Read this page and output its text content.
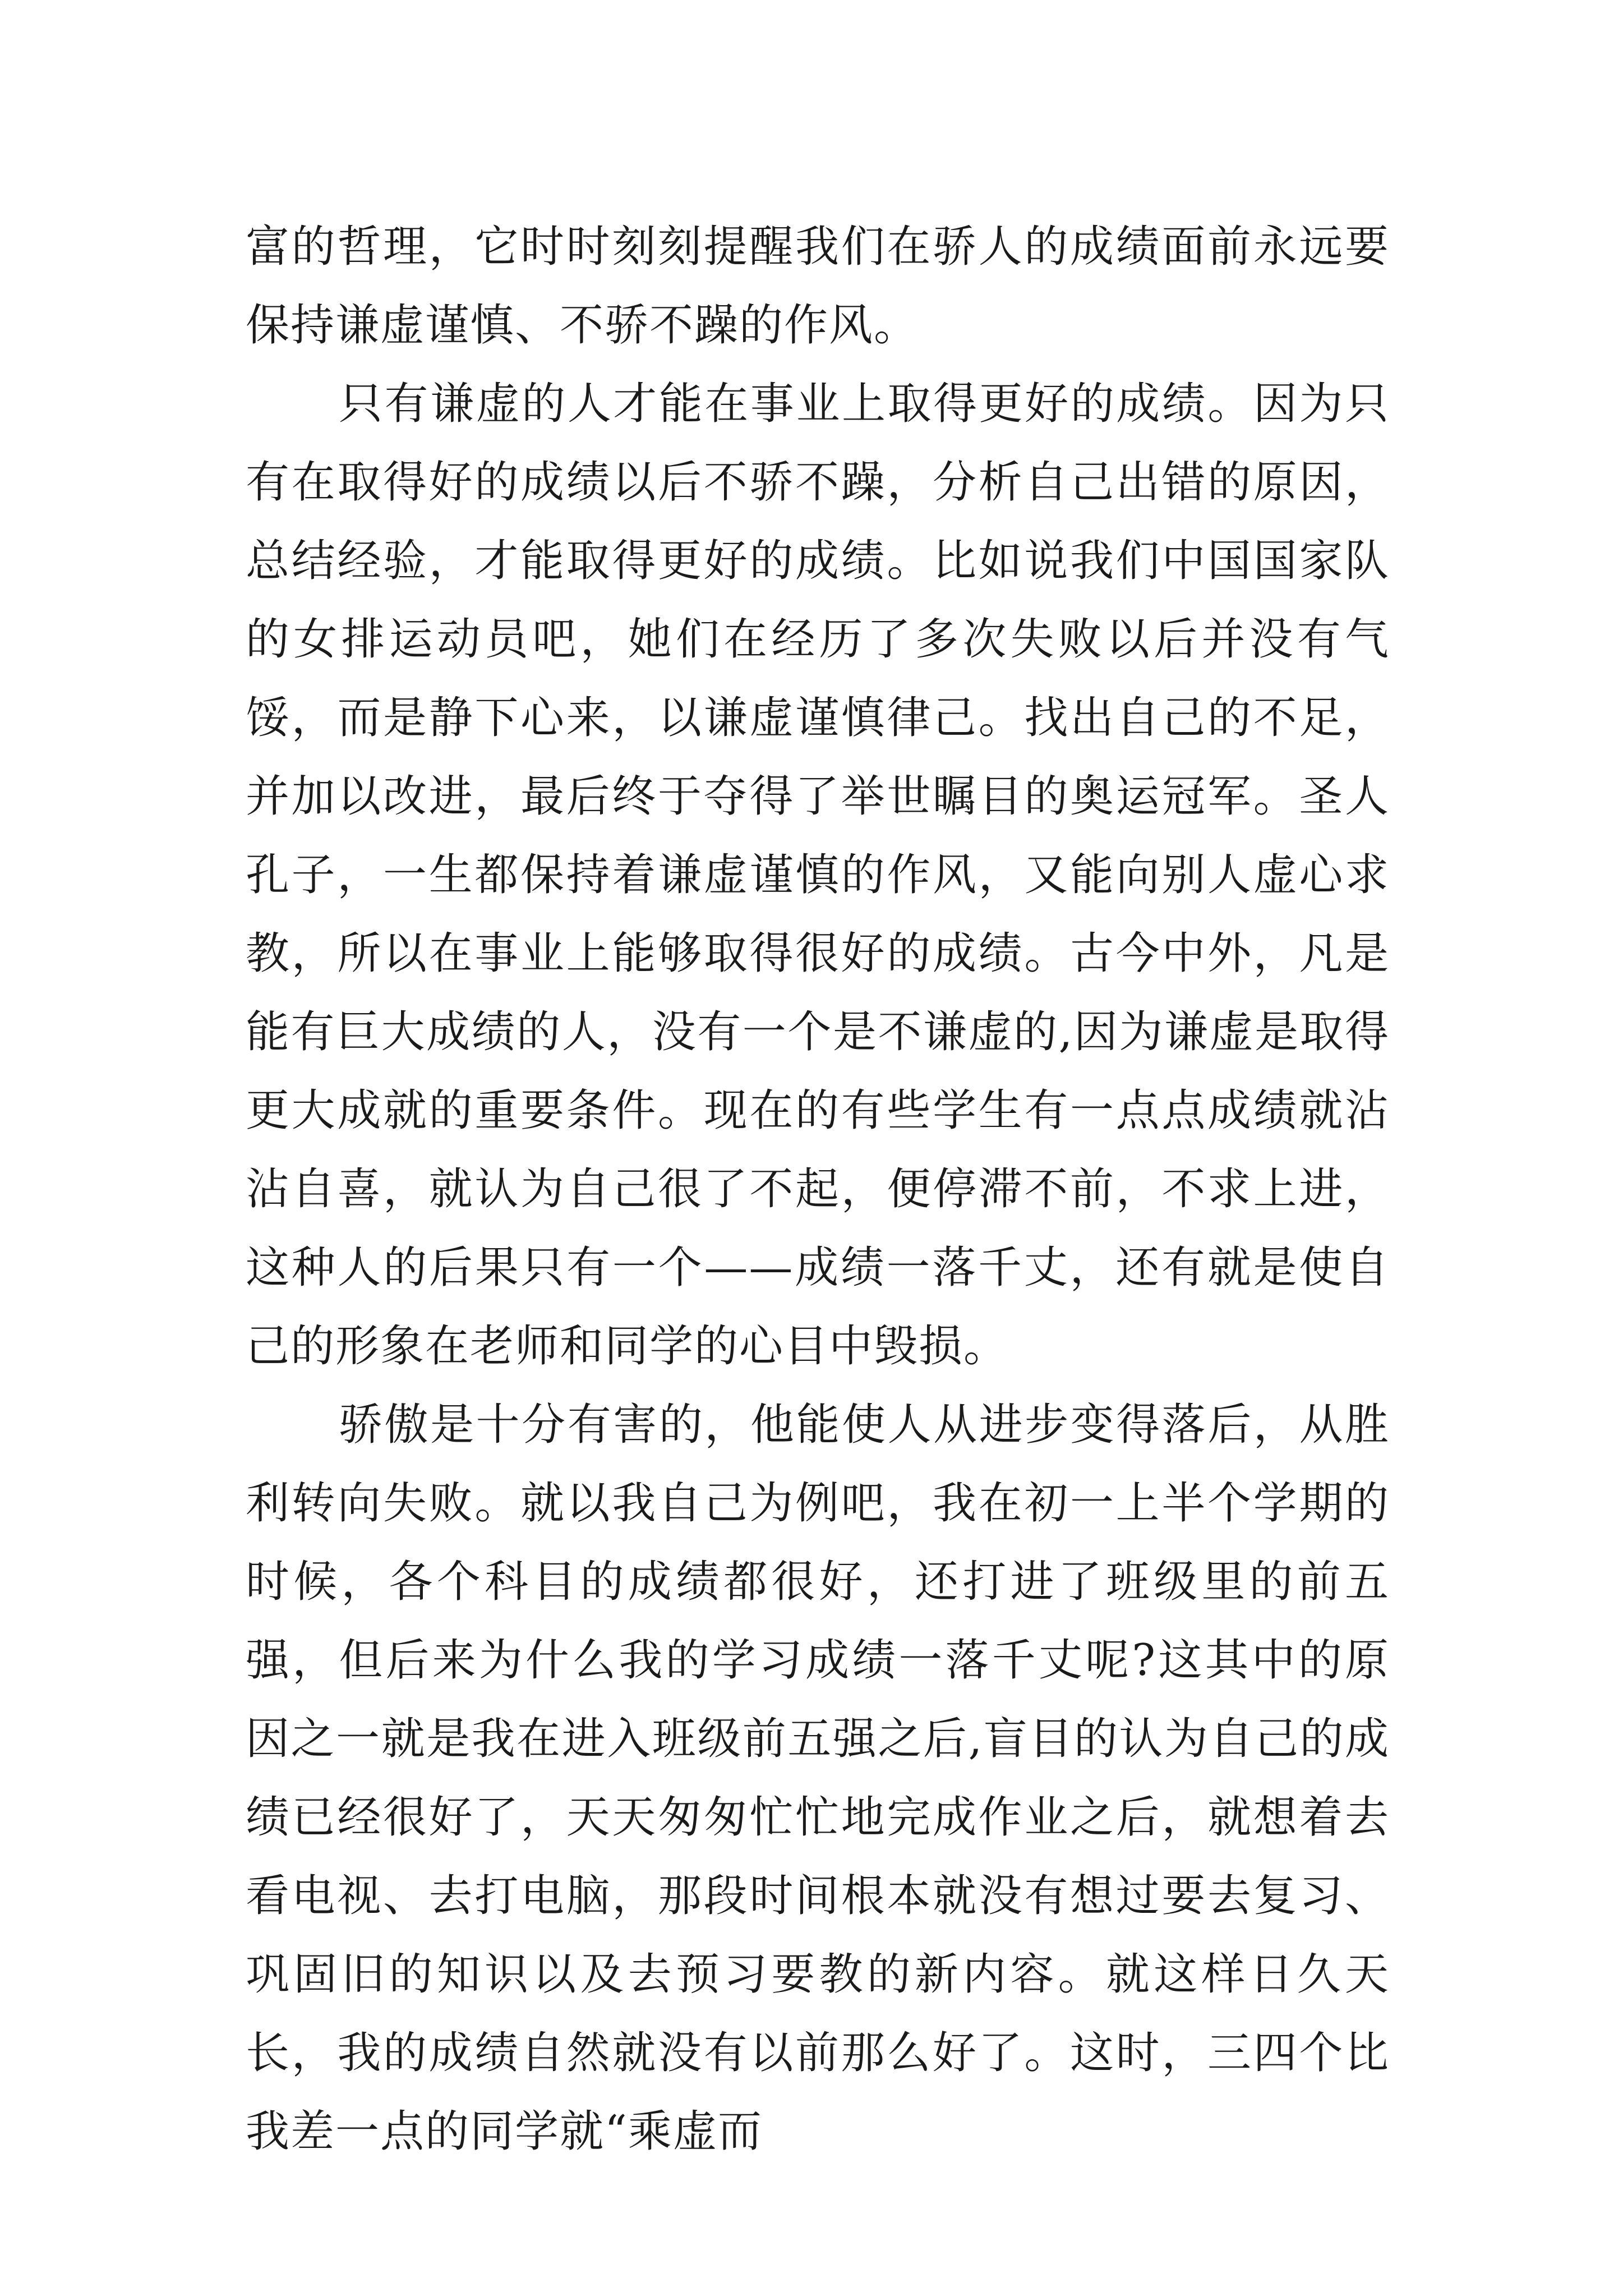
富的哲理，它时时刻刻提醒我们在骄人的成绩面前永远要保持谦虚谨慎、不骄不躁的作风。

只有谦虚的人才能在事业上取得更好的成绩。因为只有在取得好的成绩以后不骄不躁，分析自己出错的原因，总结经验，才能取得更好的成绩。比如说我们中国国家队的女排运动员吧，她们在经历了多次失败以后并没有气馁，而是静下心来，以谦虚谨慎律己。找出自己的不足，并加以改进，最后终于夺得了举世瞩目的奥运冠军。圣人孔子，一生都保持着谦虚谨慎的作风，又能向别人虚心求教，所以在事业上能够取得很好的成绩。古今中外，凡是能有巨大成绩的人，没有一个是不谦虚的,因为谦虚是取得更大成就的重要条件。现在的有些学生有一点点成绩就沾沾自喜，就认为自己很了不起，便停滞不前，不求上进，这种人的后果只有一个——成绩一落千丈，还有就是使自己的形象在老师和同学的心目中毁损。

骄傲是十分有害的，他能使人从进步变得落后，从胜利转向失败。就以我自己为例吧，我在初一上半个学期的时候，各个科目的成绩都很好，还打进了班级里的前五强，但后来为什么我的学习成绩一落千丈呢?这其中的原因之一就是我在进入班级前五强之后,盲目的认为自己的成绩已经很好了，天天匆匆忙忙地完成作业之后，就想着去看电视、去打电脑，那段时间根本就没有想过要去复习、巩固旧的知识以及去预习要教的新内容。就这样日久天长，我的成绩自然就没有以前那么好了。这时，三四个比我差一点的同学就“乘虚而
